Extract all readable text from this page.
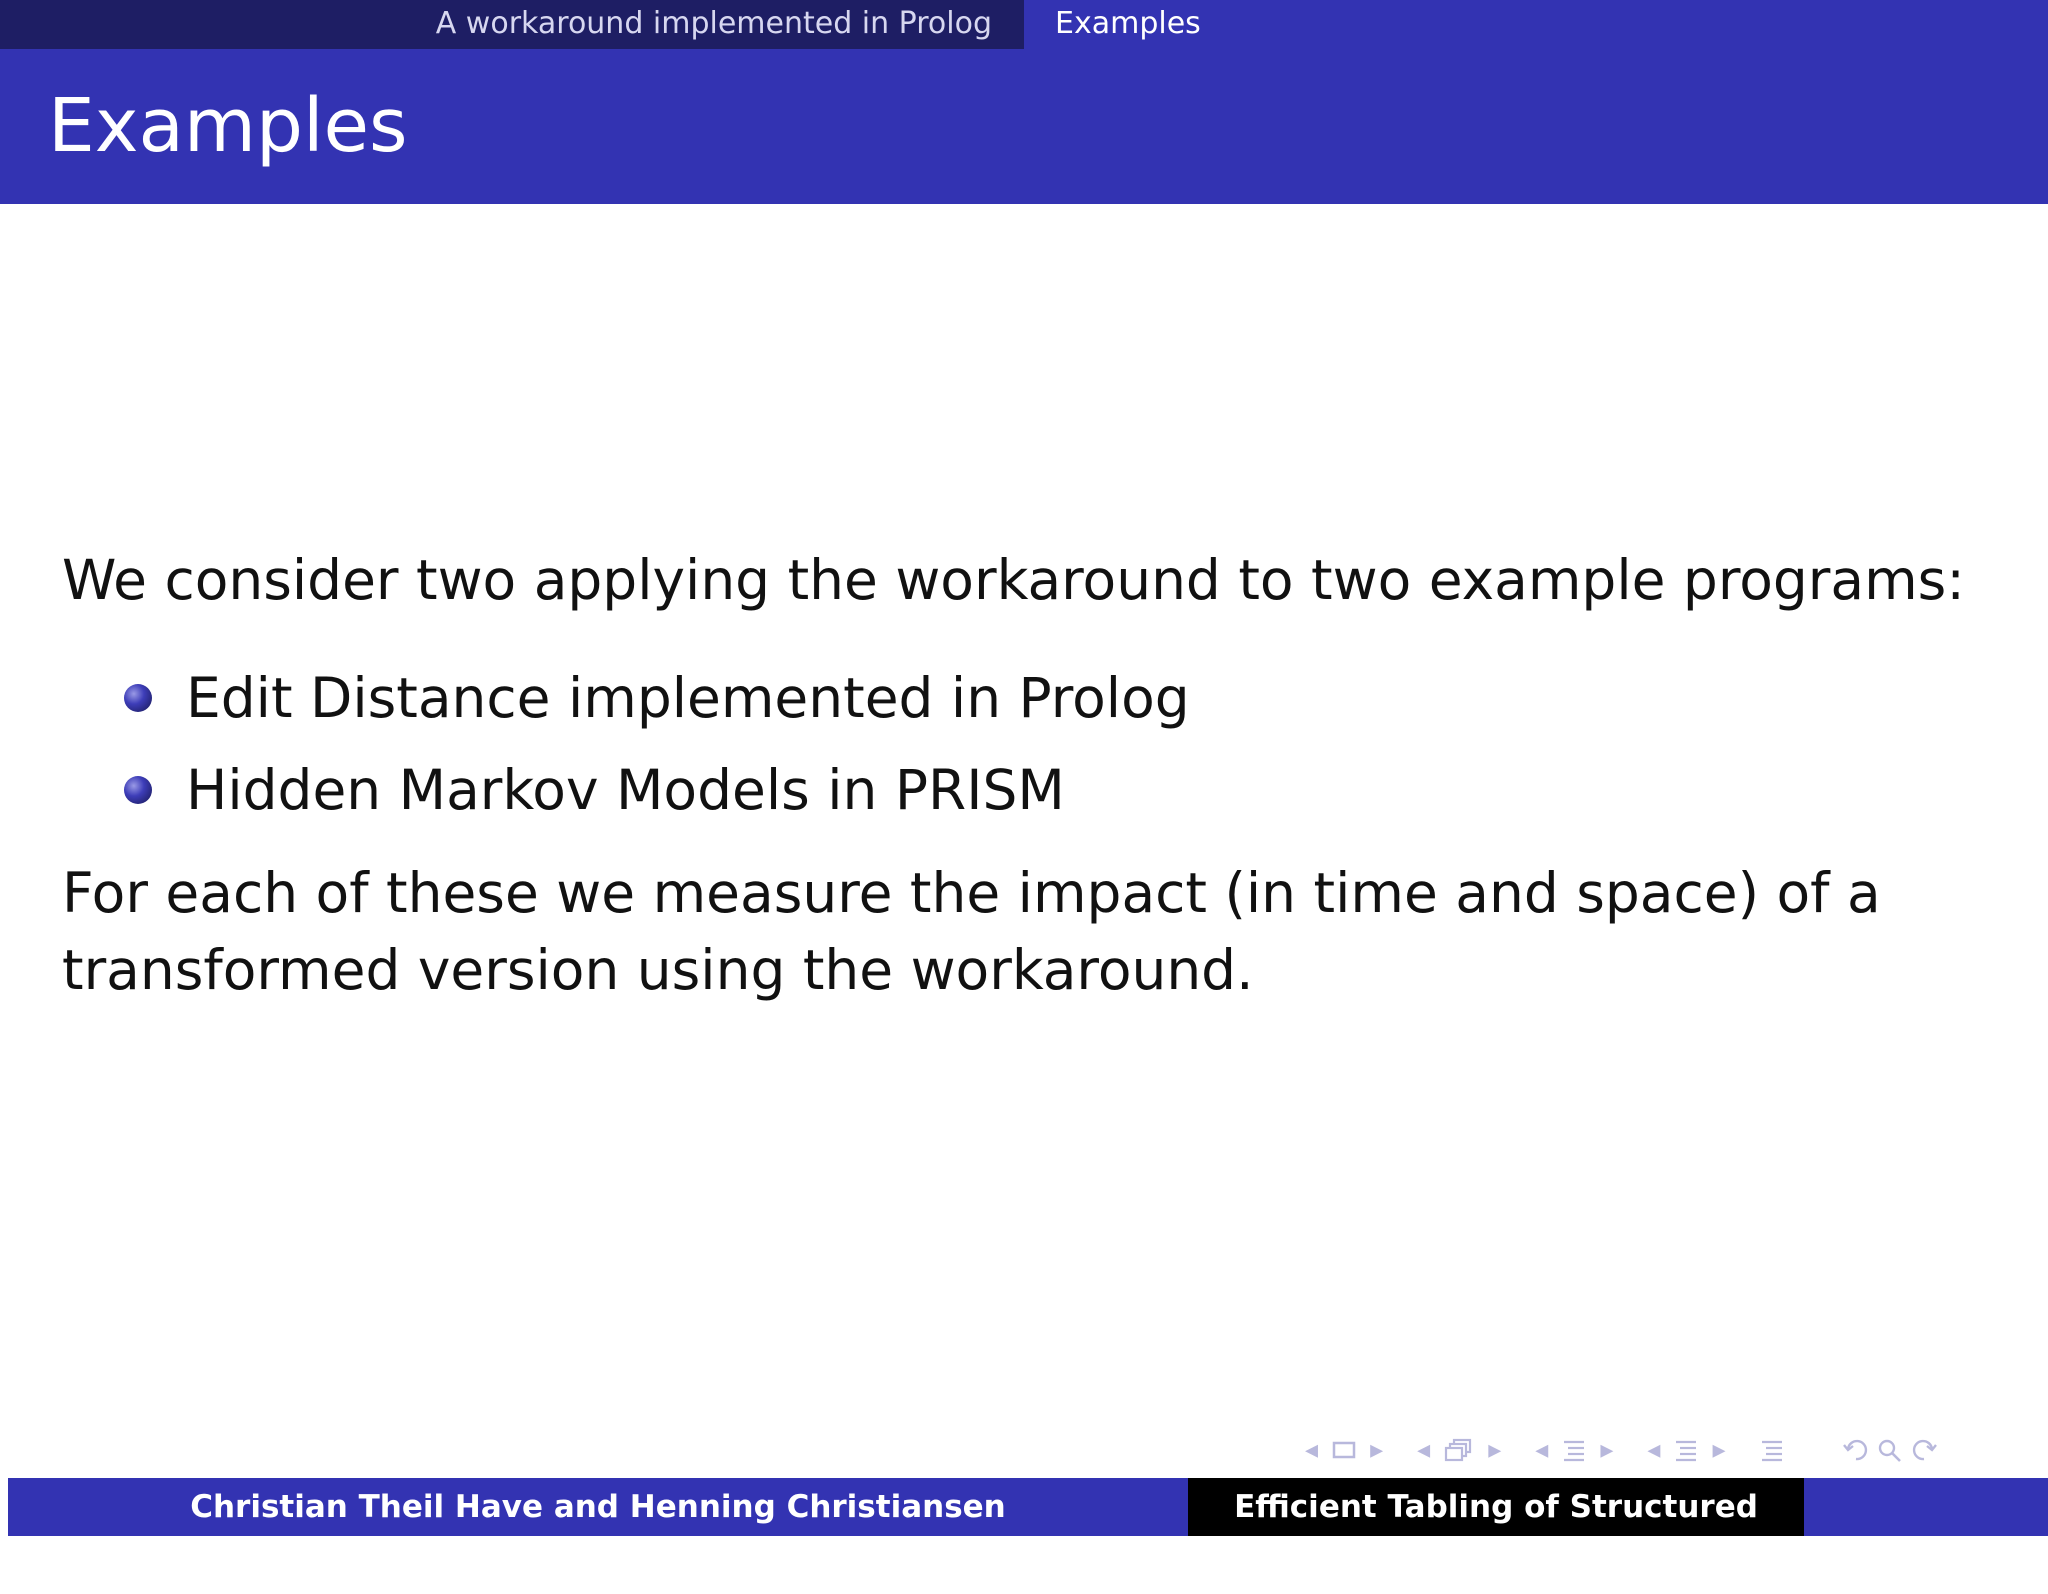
A workaround implemented in Prolog	Examples
Examples
We consider two applying the workaround to two example programs:
Edit Distance implemented in Prolog
Hidden Markov Models in PRISM
For each of these we measure the impact (in time and space) of a
transformed version using the workaround.
◂ ▸ ◂ ▸ ◂ ▸ ◂ ▸
Christian Theil Have and Henning Christiansen	Efficient Tabling of Structured Data
